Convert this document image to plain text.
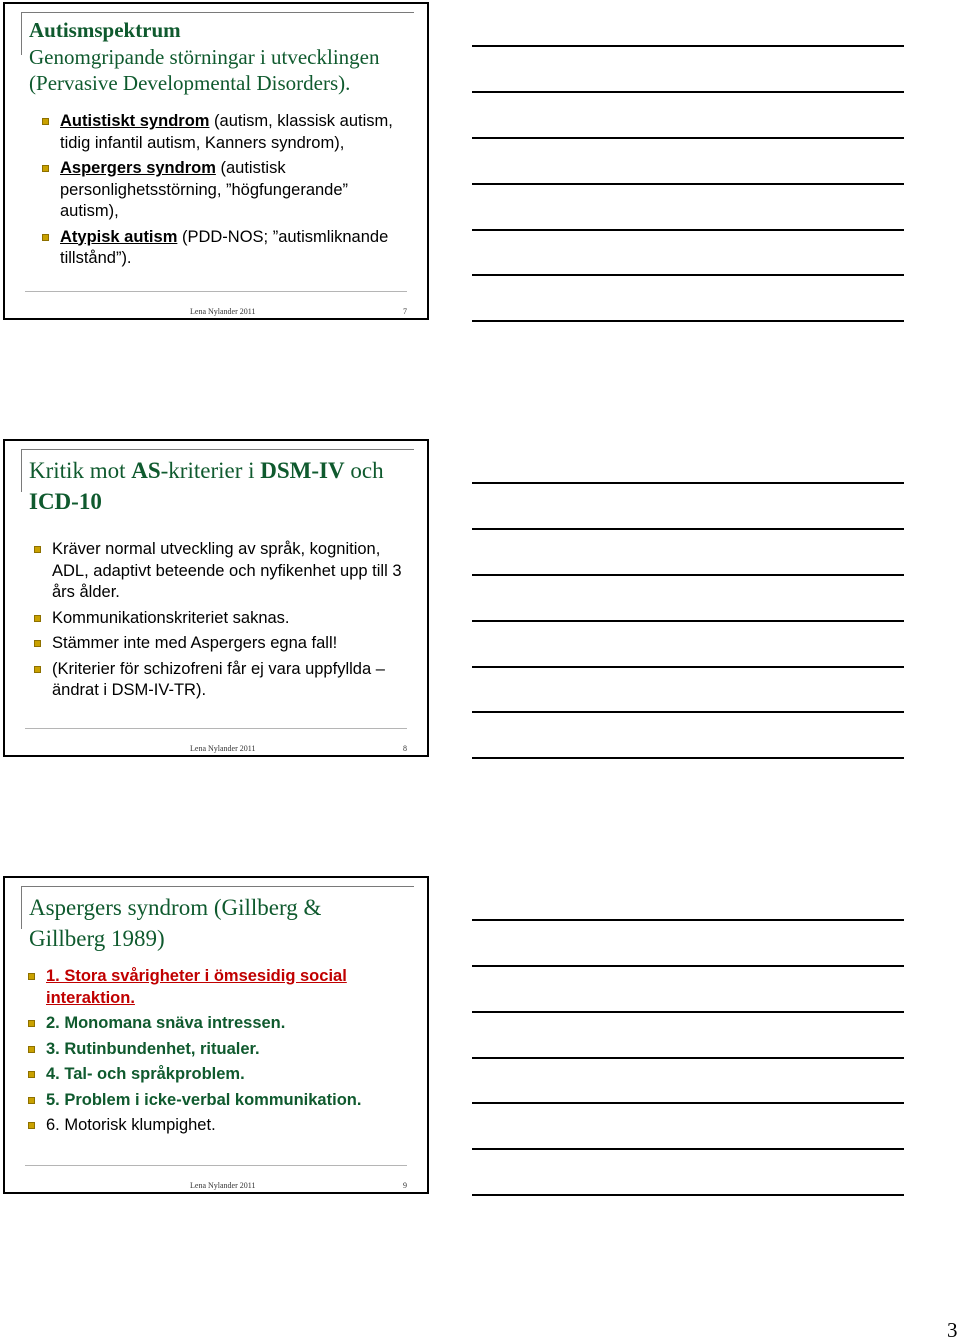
Autismspektrum
Genomgripande störningar i utvecklingen
(Pervasive Developmental Disorders).
Autistiskt syndrom (autism, klassisk autism, tidig infantil autism, Kanners syndrom),
Aspergers syndrom (autistisk personlighetsstörning, ”högfungerande” autism),
Atypisk autism (PDD-NOS; ”autismliknande tillstånd”).
Lena Nylander 2011	7
Kritik mot AS-kriterier i DSM-IV och
ICD-10
Kräver normal utveckling av språk, kognition, ADL, adaptivt beteende och nyfikenhet upp till 3 års ålder.
Kommunikationskriteriet saknas.
Stämmer inte med Aspergers egna fall!
(Kriterier för schizofreni får ej vara uppfyllda – ändrat i DSM-IV-TR).
Lena Nylander 2011	8
Aspergers syndrom (Gillberg &
Gillberg 1989)
1. Stora svårigheter i ömsesidig social interaktion.
2. Monomana snäva intressen.
3. Rutinbundenhet, ritualer.
4. Tal- och språkproblem.
5. Problem i icke-verbal kommunikation.
6. Motorisk klumpighet.
Lena Nylander 2011	9
3
